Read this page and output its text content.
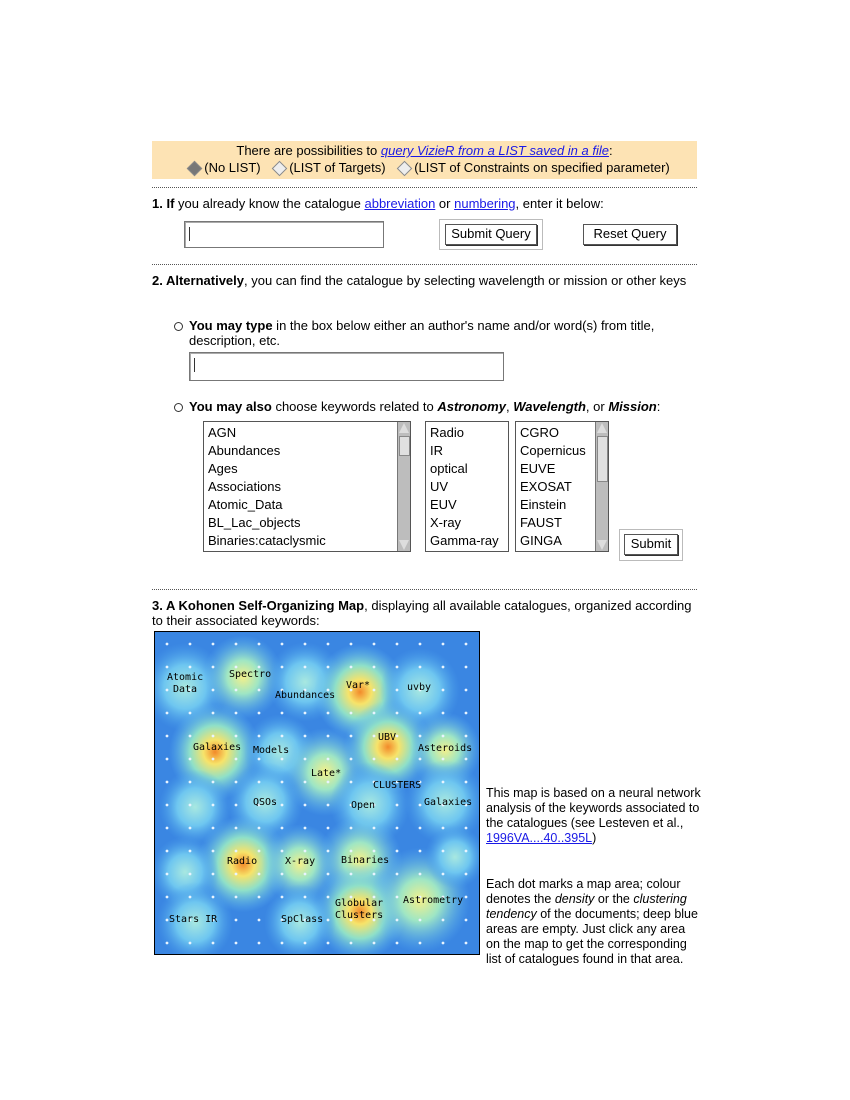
There are possibilities to query VizieR from a LIST saved in a file:
(No LIST) (LIST of Targets) (LIST of Constraints on specified parameter)
1. If you already know the catalogue abbreviation or numbering, enter it below:
Submit Query	Reset Query
2. Alternatively, you can find the catalogue by selecting wavelength or mission or other keys
You may type in the box below either an author's name and/or word(s) from title, description, etc.
You may also choose keywords related to Astronomy, Wavelength, or Mission:
AGN
Abundances
Ages
Associations
Atomic_Data
BL_Lac_objects
Binaries:cataclysmic
Radio
IR
optical
UV
EUV
X-ray
Gamma-ray
CGRO
Copernicus
EUVE
EXOSAT
Einstein
FAUST
GINGA	Submit
3. A Kohonen Self-Organizing Map, displaying all available catalogues, organized according to their associated keywords:
Atomic
Data
Spectro
Abundances
Var*	uvby
Galaxies Models
UBV
Asteroids
Late*
CLUSTERS
QSOs	Open	Galaxies
Radio	X-ray	Binaries
Globular
Clusters
Astrometry
Stars IR	SpClass
This map is based on a neural network analysis of the keywords associated to the catalogues (see Lesteven et al.,
1996VA....40..395L)
Each dot marks a map area; colour denotes the density or the clustering tendency of the documents; deep blue areas are empty. Just click any area on the map to get the corresponding list of catalogues found in that area.
